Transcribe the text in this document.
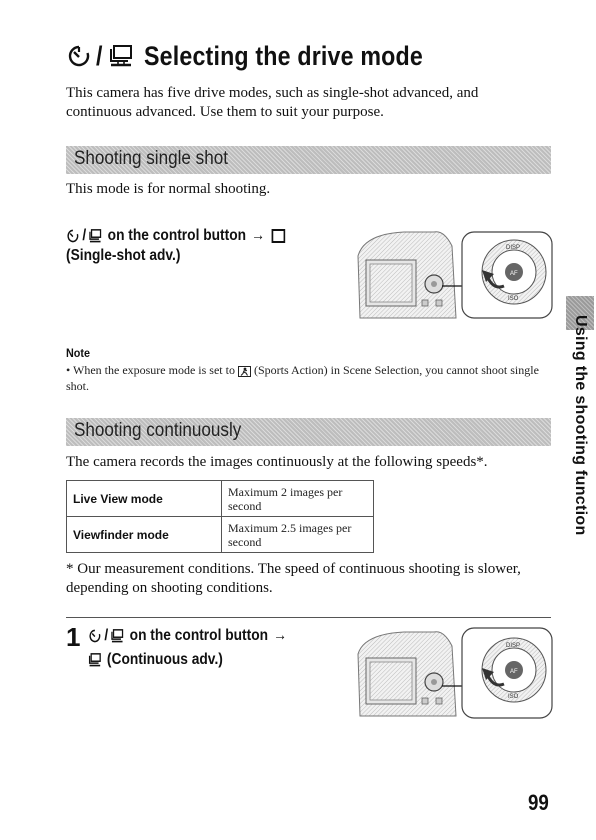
/ Selecting the drive mode
This camera has five drive modes, such as single-shot advanced, and continuous advanced. Use them to suit your purpose.
Shooting single shot
This mode is for normal shooting.
/ on the control button →
(Single-shot adv.)
AF
DISP
ISO
Note
• When the exposure mode is set to (Sports Action) in Scene Selection, you cannot shoot single shot.
Shooting continuously
The camera records the images continuously at the following speeds*.
Live View mode	Maximum 2 images per second
Viewfinder mode	Maximum 2.5 images per second
* Our measurement conditions. The speed of continuous shooting is slower, depending on shooting conditions.
1 / on the control button →
(Continuous adv.)
AF
DISP
ISO
Using the shooting function
99
